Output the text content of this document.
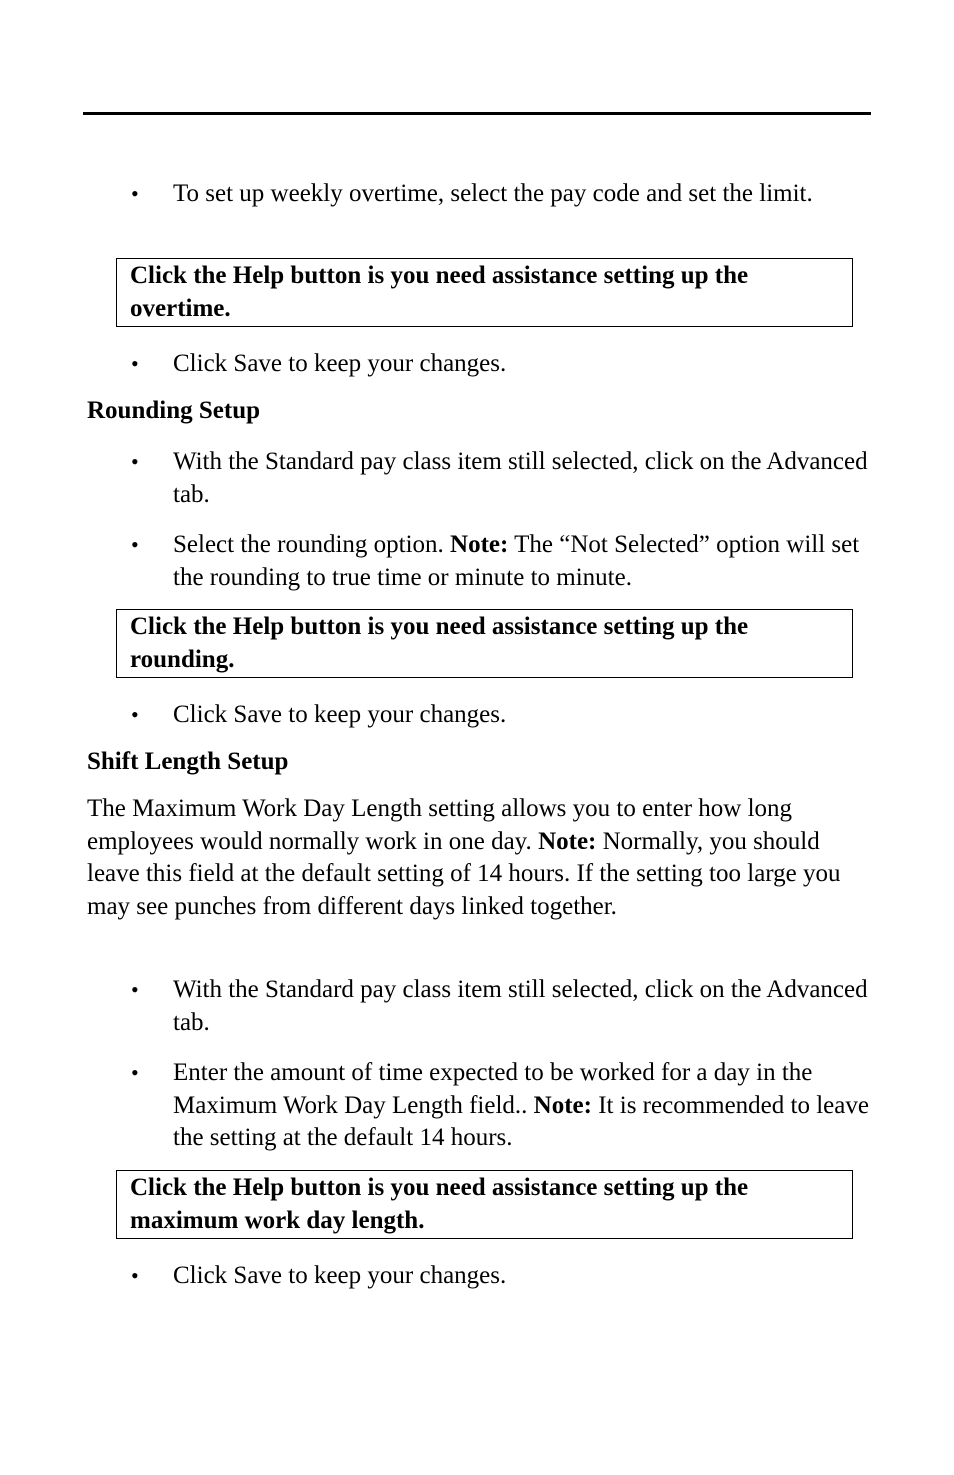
• To set up weekly overtime, select the pay code and set the limit.
Click the Help button is you need assistance setting up the overtime.
• Click Save to keep your changes.
Rounding Setup
• With the Standard pay class item still selected, click on the Advanced tab.
• Select the rounding option. Note: The “Not Selected” option will set the rounding to true time or minute to minute.
Click the Help button is you need assistance setting up the rounding.
• Click Save to keep your changes.
Shift Length Setup
The Maximum Work Day Length setting allows you to enter how long employees would normally work in one day. Note: Normally, you should leave this field at the default setting of 14 hours. If the setting too large you may see punches from different days linked together.
• With the Standard pay class item still selected, click on the Advanced tab.
• Enter the amount of time expected to be worked for a day in the Maximum Work Day Length field.. Note: It is recommended to leave the setting at the default 14 hours.
Click the Help button is you need assistance setting up the maximum work day length.
• Click Save to keep your changes.
